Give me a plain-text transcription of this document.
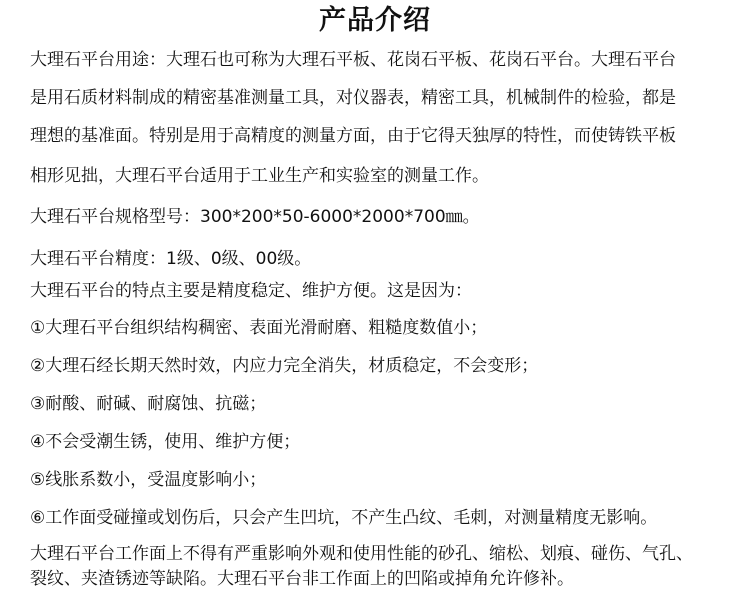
产品介绍
大理石平台用途：大理石也可称为大理石平板、花岗石平板、花岗石平台。大理石平台
是用石质材料制成的精密基准测量工具，对仪器表，精密工具，机械制件的检验，都是
理想的基准面。特别是用于高精度的测量方面，由于它得天独厚的特性，而使铸铁平板
相形见拙，大理石平台适用于工业生产和实验室的测量工作。
大理石平台规格型号：300*200*50-6000*2000*700㎜。
大理石平台精度：1级、0级、00级。
大理石平台的特点主要是精度稳定、维护方便。这是因为：
①大理石平台组织结构稠密、表面光滑耐磨、粗糙度数值小；
②大理石经长期天然时效，内应力完全消失，材质稳定，不会变形；
③耐酸、耐碱、耐腐蚀、抗磁；
④不会受潮生锈，使用、维护方便；
⑤线胀系数小，受温度影响小；
⑥工作面受碰撞或划伤后，只会产生凹坑，不产生凸纹、毛刺，对测量精度无影响。
大理石平台工作面上不得有严重影响外观和使用性能的砂孔、缩松、划痕、碰伤、气孔、
裂纹、夹渣锈迹等缺陷。大理石平台非工作面上的凹陷或掉角允许修补。
